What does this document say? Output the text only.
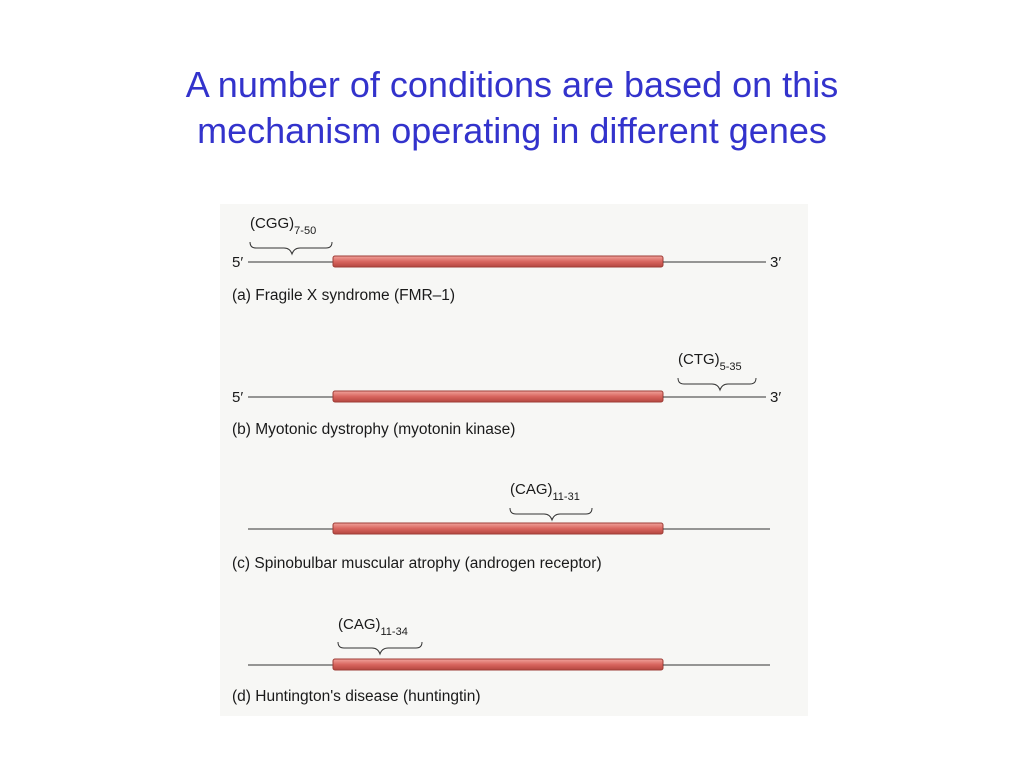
A number of conditions are based on this
mechanism operating in different genes
$(CGG)_{7-50}$
5′	3′
(a) Fragile X syndrome (FMR–1)
$(CTG)_{5-35}$
5′	3′
(b) Myotonic dystrophy (myotonin kinase)
$(CAG)_{11-31}$
(c) Spinobulbar muscular atrophy (androgen receptor)
$(CAG)_{11-34}$
(d) Huntington's disease (huntingtin)
